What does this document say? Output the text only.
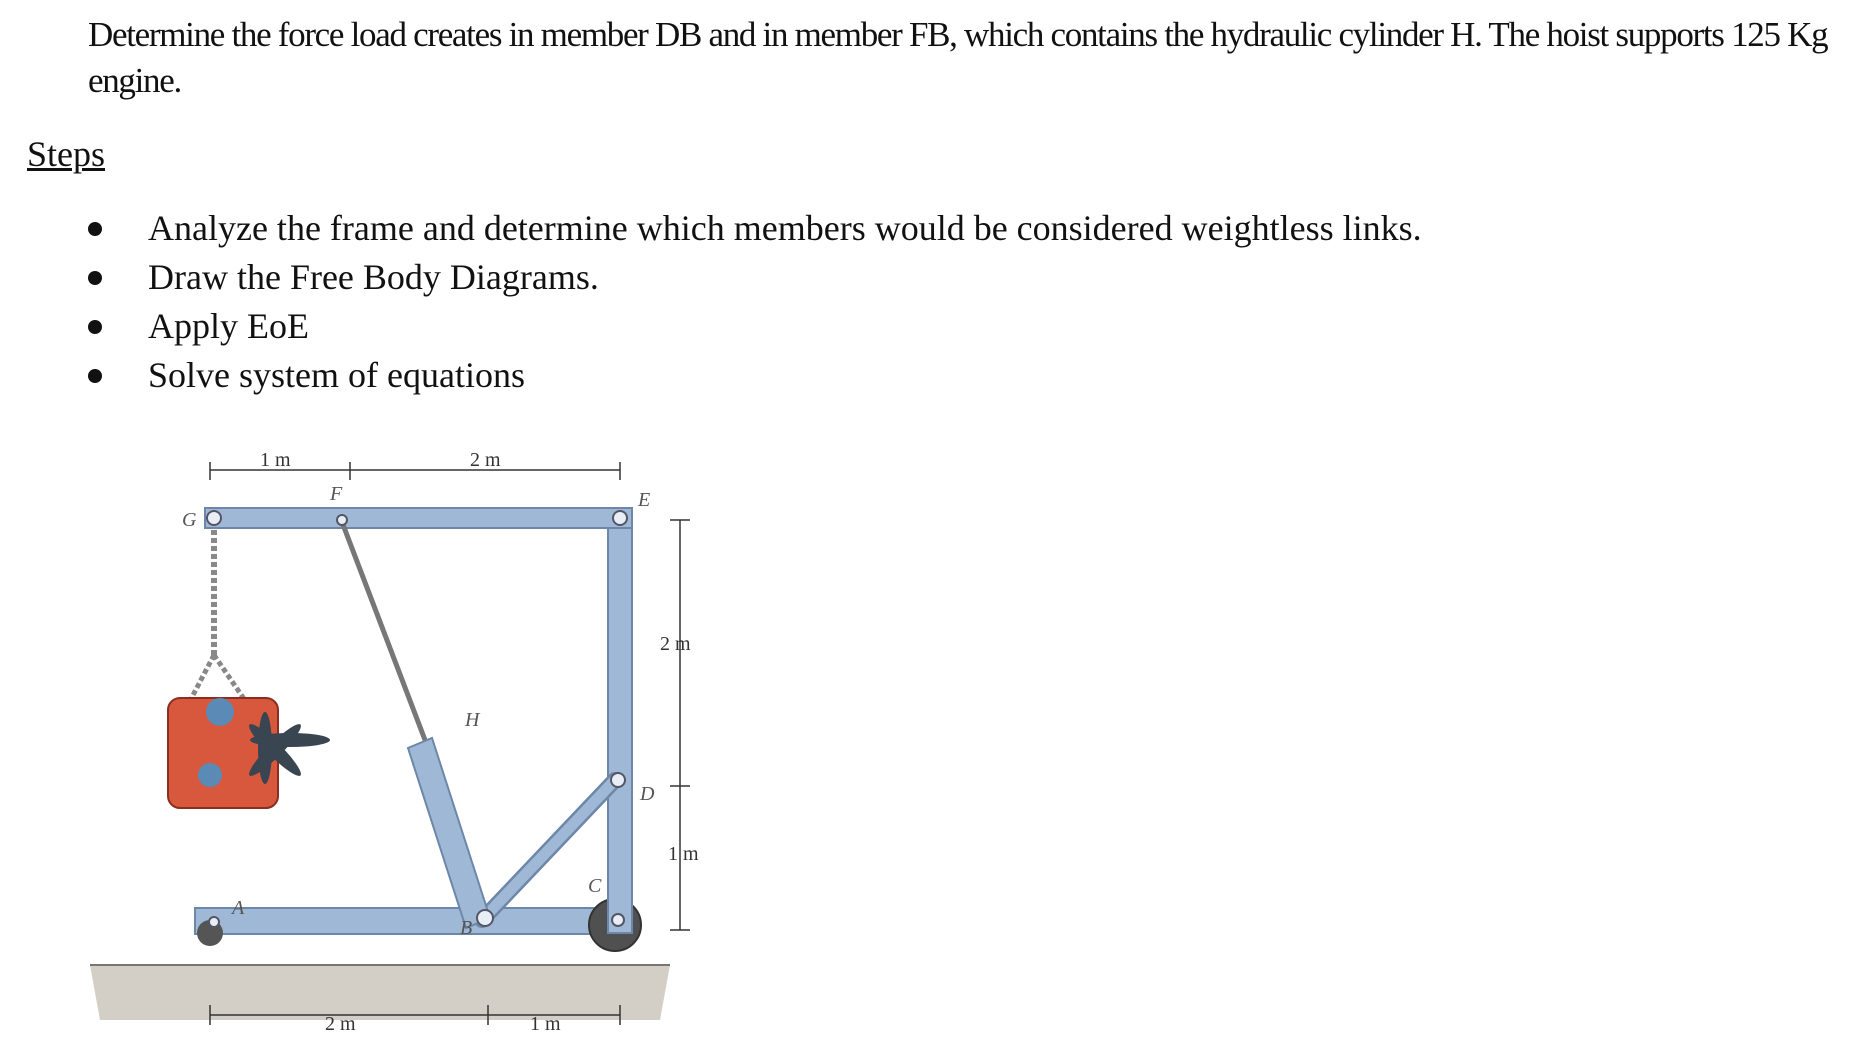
Determine the force load creates in member DB and in member FB, which contains the hydraulic cylinder H. The hoist supports 125 Kg engine.

Steps
Analyze the frame and determine which members would be considered weightless links.
Draw the Free Body Diagrams.
Apply EoE
Solve system of equations
1 m	2 m
2 m
1 m
2 m	1 m
G
F	E
H
D
C
B
A
